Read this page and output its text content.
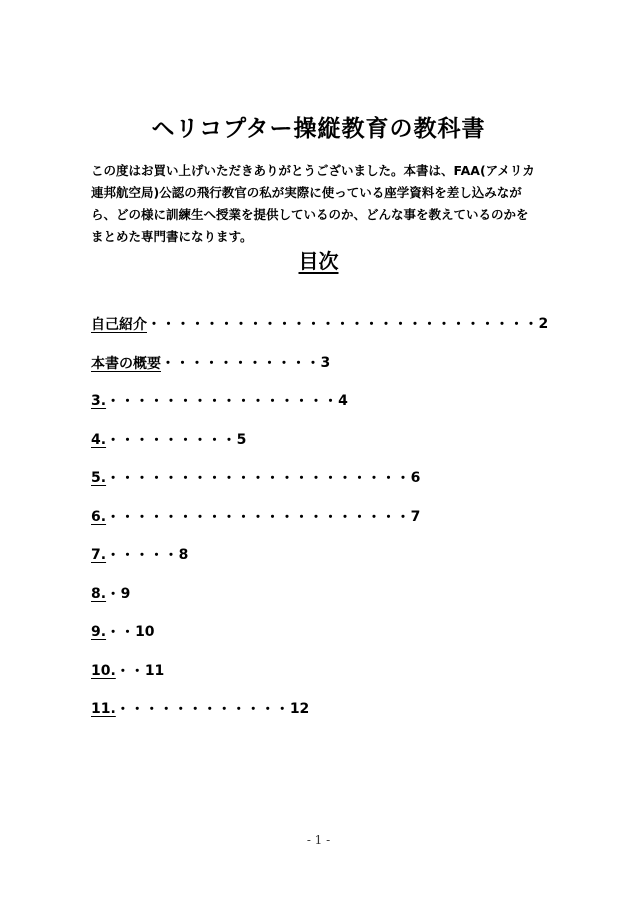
ヘリコプター操縦教育の教科書
この度はお買い上げいただきありがとうございました。本書は、FAA(アメリカ
連邦航空局)公認の飛行教官の私が実際に使っている座学資料を差し込みなが
ら、どの様に訓練生へ授業を提供しているのか、どんな事を教えているのかを
まとめた専門書になります。
目次
自己紹介 ・・・・・・・・・・・・・・・・・・・・・・・・・・・ 2
本書の概要 ・・・・・・・・・・・ 3
3. ・・・・・・・・・・・・・・・・ 4
4. ・・・・・・・・・ 5
5. ・・・・・・・・・・・・・・・・・・・・・ 6
6. ・・・・・・・・・・・・・・・・・・・・・ 7
7. ・・・・・ 8
8. ・ 9
9. ・・ 10
10. ・・ 11
11. ・・・・・・・・・・・・ 12
- 1 -
